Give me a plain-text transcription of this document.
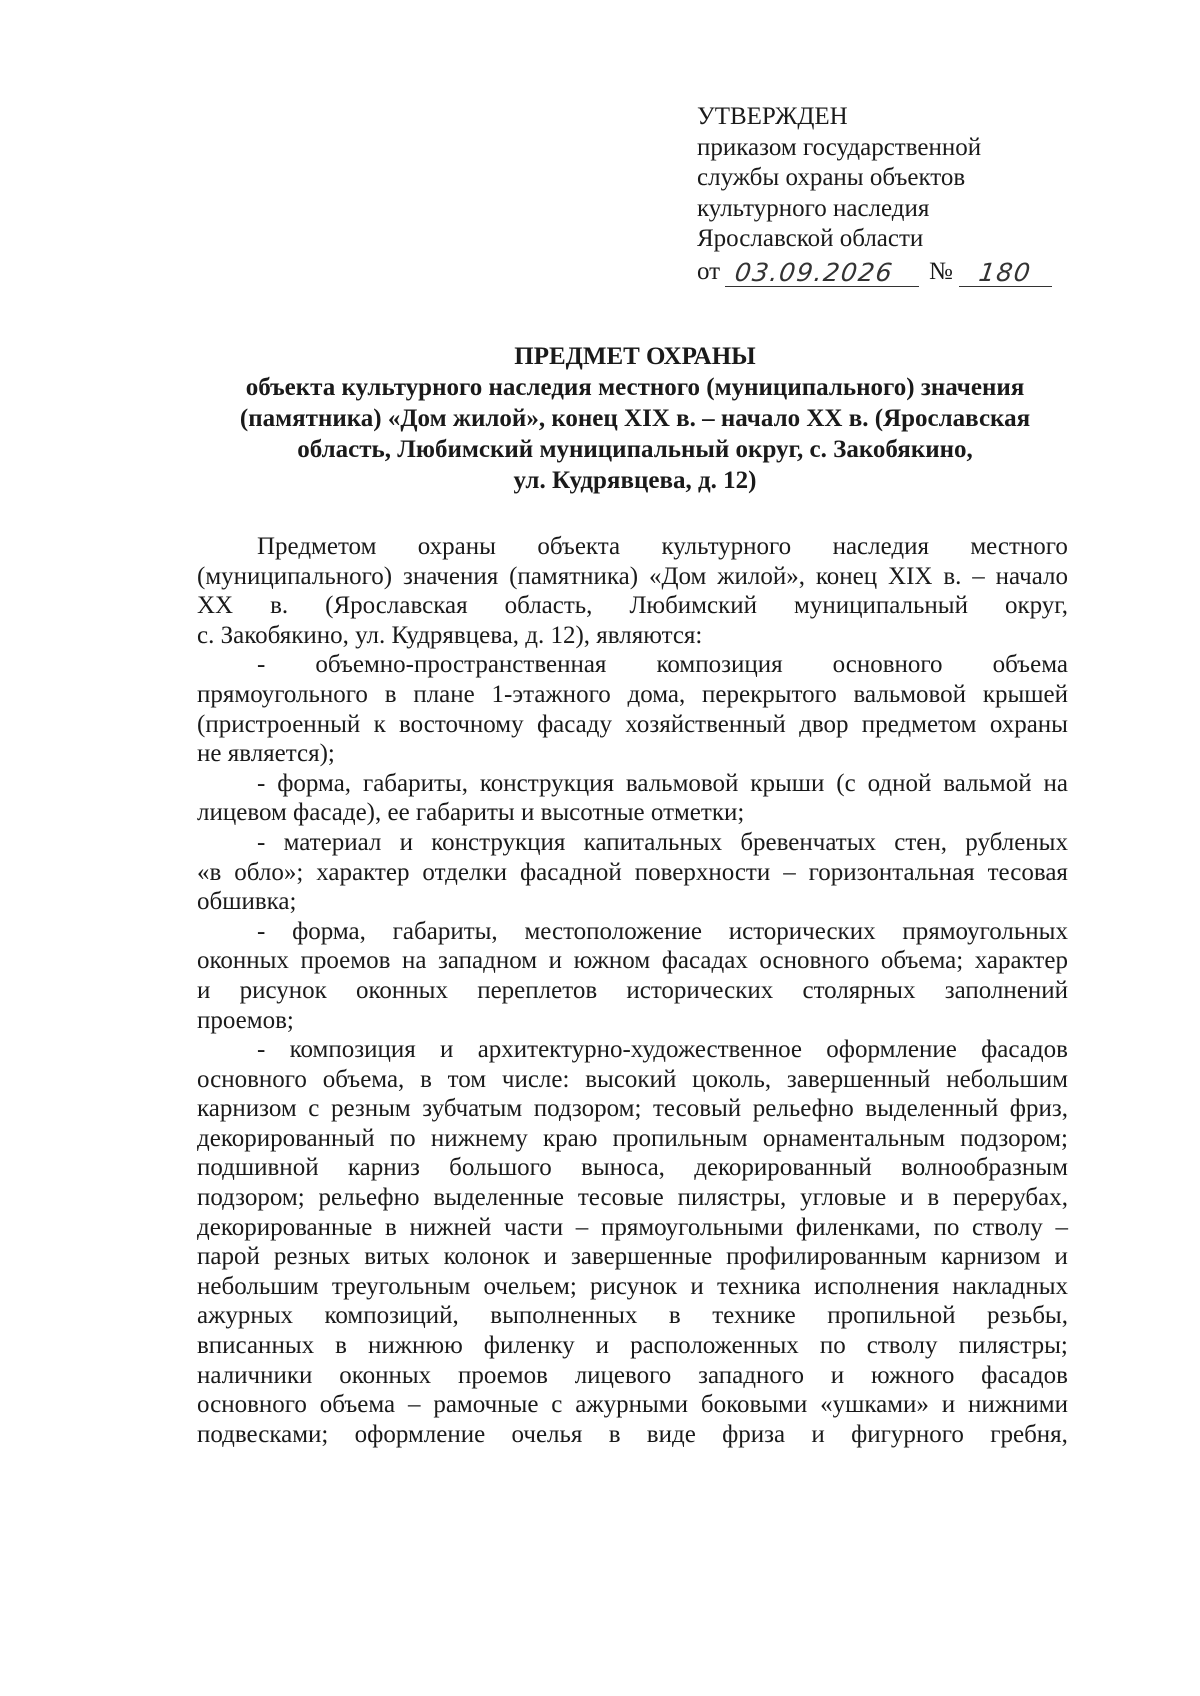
УТВЕРЖДЕН
приказом государственной
службы охраны объектов
культурного наследия
Ярославской области
от 03.09.2026 № 180
ПРЕДМЕТ ОХРАНЫ
объекта культурного наследия местного (муниципального) значения
(памятника) «Дом жилой», конец XIX в. – начало XX в. (Ярославская
область, Любимский муниципальный округ, с. Закобякино,
ул. Кудрявцева, д. 12)
Предметом охраны объекта культурного наследия местного
(муниципального) значения (памятника) «Дом жилой», конец XIX в. – начало
XX в. (Ярославская область, Любимский муниципальный округ,
с. Закобякино, ул. Кудрявцева, д. 12), являются:
- объемно-пространственная композиция основного объема
прямоугольного в плане 1-этажного дома, перекрытого вальмовой крышей
(пристроенный к восточному фасаду хозяйственный двор предметом охраны
не является);
- форма, габариты, конструкция вальмовой крыши (с одной вальмой на
лицевом фасаде), ее габариты и высотные отметки;
- материал и конструкция капитальных бревенчатых стен, рубленых
«в обло»; характер отделки фасадной поверхности – горизонтальная тесовая
обшивка;
- форма, габариты, местоположение исторических прямоугольных
оконных проемов на западном и южном фасадах основного объема; характер
и рисунок оконных переплетов исторических столярных заполнений
проемов;
- композиция и архитектурно-художественное оформление фасадов
основного объема, в том числе: высокий цоколь, завершенный небольшим
карнизом с резным зубчатым подзором; тесовый рельефно выделенный фриз,
декорированный по нижнему краю пропильным орнаментальным подзором;
подшивной карниз большого выноса, декорированный волнообразным
подзором; рельефно выделенные тесовые пилястры, угловые и в перерубах,
декорированные в нижней части – прямоугольными филенками, по стволу –
парой резных витых колонок и завершенные профилированным карнизом и
небольшим треугольным очельем; рисунок и техника исполнения накладных
ажурных композиций, выполненных в технике пропильной резьбы,
вписанных в нижнюю филенку и расположенных по стволу пилястры;
наличники оконных проемов лицевого западного и южного фасадов
основного объема – рамочные с ажурными боковыми «ушками» и нижними
подвесками; оформление очелья в виде фриза и фигурного гребня,
